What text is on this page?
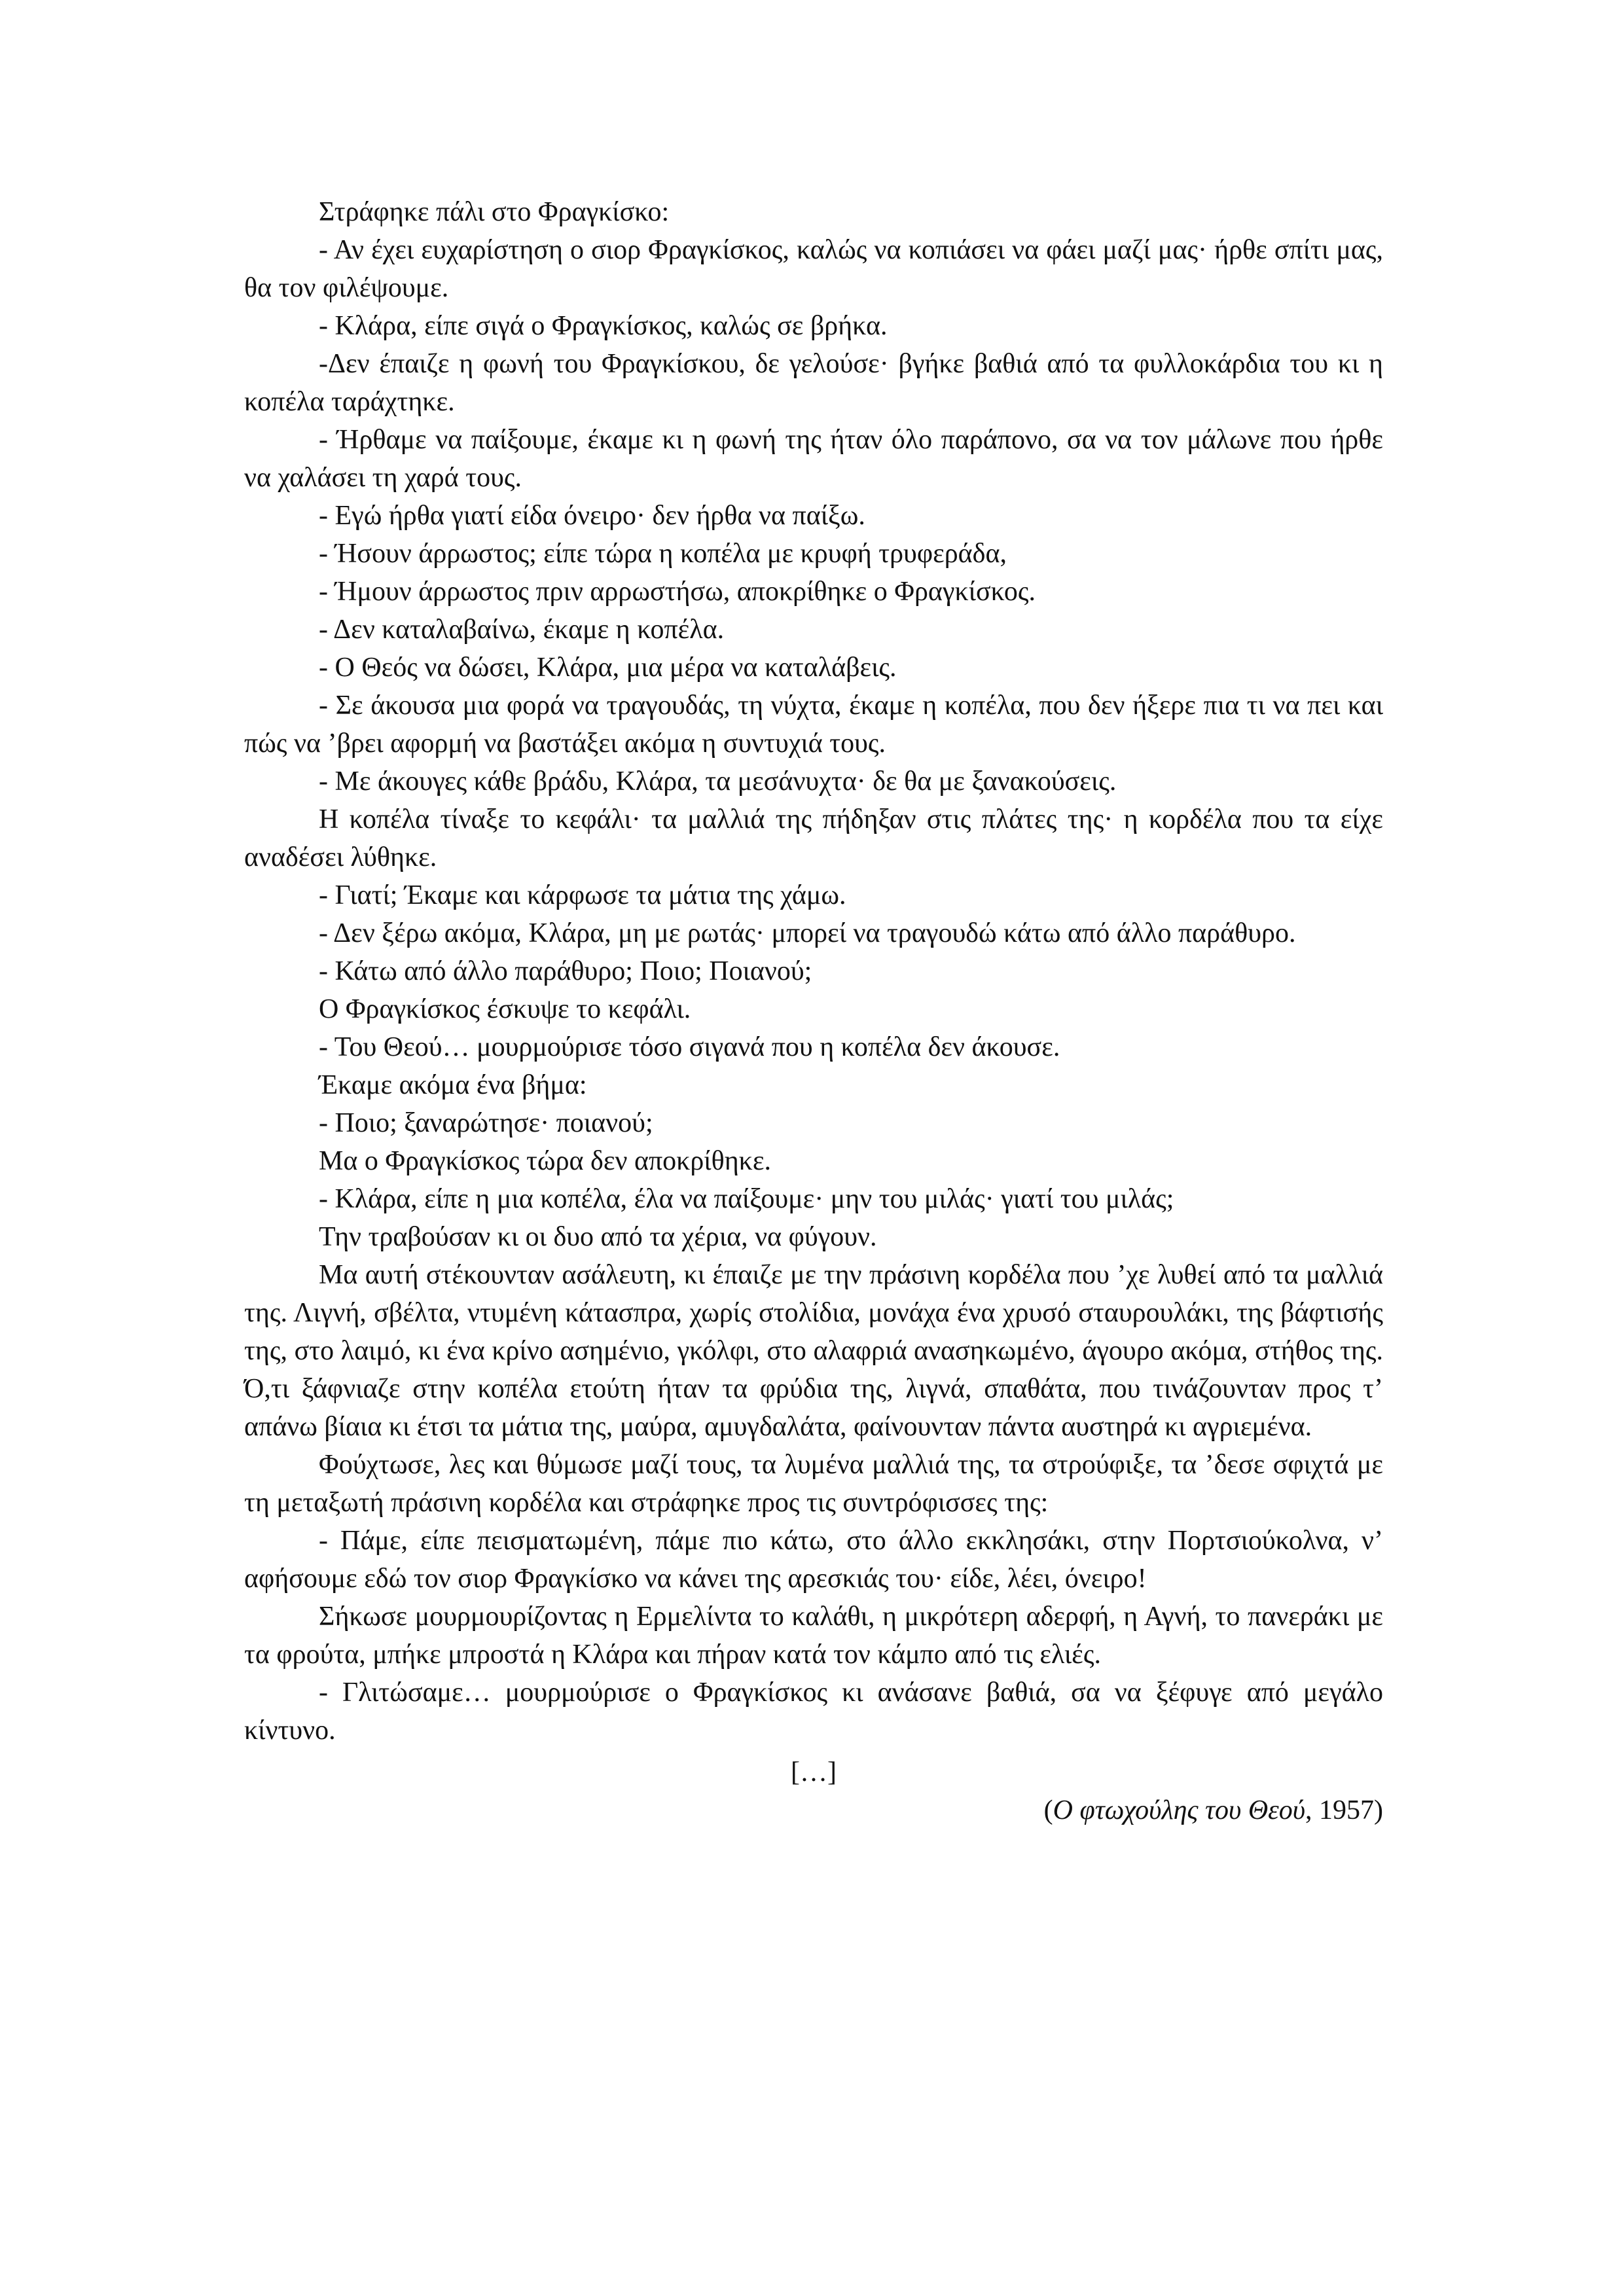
Στράφηκε πάλι στο Φραγκίσκο:

- Αν έχει ευχαρίστηση ο σιορ Φραγκίσκος, καλώς να κοπιάσει να φάει μαζί μας· ήρθε σπίτι μας, θα τον φιλέψουμε.

- Κλάρα, είπε σιγά ο Φραγκίσκος, καλώς σε βρήκα.

-Δεν έπαιζε η φωνή του Φραγκίσκου, δε γελούσε· βγήκε βαθιά από τα φυλλοκάρδια του κι η κοπέλα ταράχτηκε.

- Ήρθαμε να παίξουμε, έκαμε κι η φωνή της ήταν όλο παράπονο, σα να τον μάλωνε που ήρθε να χαλάσει τη χαρά τους.

- Εγώ ήρθα γιατί είδα όνειρο· δεν ήρθα να παίξω.

- Ήσουν άρρωστος; είπε τώρα η κοπέλα με κρυφή τρυφεράδα,

- Ήμουν άρρωστος πριν αρρωστήσω, αποκρίθηκε ο Φραγκίσκος.

- Δεν καταλαβαίνω, έκαμε η κοπέλα.

- Ο Θεός να δώσει, Κλάρα, μια μέρα να καταλάβεις.

- Σε άκουσα μια φορά να τραγουδάς, τη νύχτα, έκαμε η κοπέλα, που δεν ήξερε πια τι να πει και πώς να ’βρει αφορμή να βαστάξει ακόμα η συντυχιά τους.

- Με άκουγες κάθε βράδυ, Κλάρα, τα μεσάνυχτα· δε θα με ξανακούσεις.

Η κοπέλα τίναξε το κεφάλι· τα μαλλιά της πήδηξαν στις πλάτες της· η κορδέλα που τα είχε αναδέσει λύθηκε.

- Γιατί; Έκαμε και κάρφωσε τα μάτια της χάμω.

- Δεν ξέρω ακόμα, Κλάρα, μη με ρωτάς· μπορεί να τραγουδώ κάτω από άλλο παράθυρο.

- Κάτω από άλλο παράθυρο; Ποιο; Ποιανού;

Ο Φραγκίσκος έσκυψε το κεφάλι.

- Του Θεού… μουρμούρισε τόσο σιγανά που η κοπέλα δεν άκουσε.

Έκαμε ακόμα ένα βήμα:

- Ποιο; ξαναρώτησε· ποιανού;

Μα ο Φραγκίσκος τώρα δεν αποκρίθηκε.

- Κλάρα, είπε η μια κοπέλα, έλα να παίξουμε· μην του μιλάς· γιατί του μιλάς;

Την τραβούσαν κι οι δυο από τα χέρια, να φύγουν.

Μα αυτή στέκουνταν ασάλευτη, κι έπαιζε με την πράσινη κορδέλα που ’χε λυθεί από τα μαλλιά της. Λιγνή, σβέλτα, ντυμένη κάτασπρα, χωρίς στολίδια, μονάχα ένα χρυσό σταυρουλάκι, της βάφτισής της, στο λαιμό, κι ένα κρίνο ασημένιο, γκόλφι, στο αλαφριά ανασηκωμένο, άγουρο ακόμα, στήθος της. Ό,τι ξάφνιαζε στην κοπέλα ετούτη ήταν τα φρύδια της, λιγνά, σπαθάτα, που τινάζουνταν προς τ’ απάνω βίαια κι έτσι τα μάτια της, μαύρα, αμυγδαλάτα, φαίνουνταν πάντα αυστηρά κι αγριεμένα.

Φούχτωσε, λες και θύμωσε μαζί τους, τα λυμένα μαλλιά της, τα στρούφιξε, τα ’δεσε σφιχτά με τη μεταξωτή πράσινη κορδέλα και στράφηκε προς τις συντρόφισσες της:

- Πάμε, είπε πεισματωμένη, πάμε πιο κάτω, στο άλλο εκκλησάκι, στην Πορτσιούκολνα, ν’ αφήσουμε εδώ τον σιορ Φραγκίσκο να κάνει της αρεσκιάς του· είδε, λέει, όνειρο!

Σήκωσε μουρμουρίζοντας η Ερμελίντα το καλάθι, η μικρότερη αδερφή, η Αγνή, το πανεράκι με τα φρούτα, μπήκε μπροστά η Κλάρα και πήραν κατά τον κάμπο από τις ελιές.

- Γλιτώσαμε… μουρμούρισε ο Φραγκίσκος κι ανάσανε βαθιά, σα να ξέφυγε από μεγάλο κίντυνο.

[…]

(Ο φτωχούλης του Θεού, 1957)
